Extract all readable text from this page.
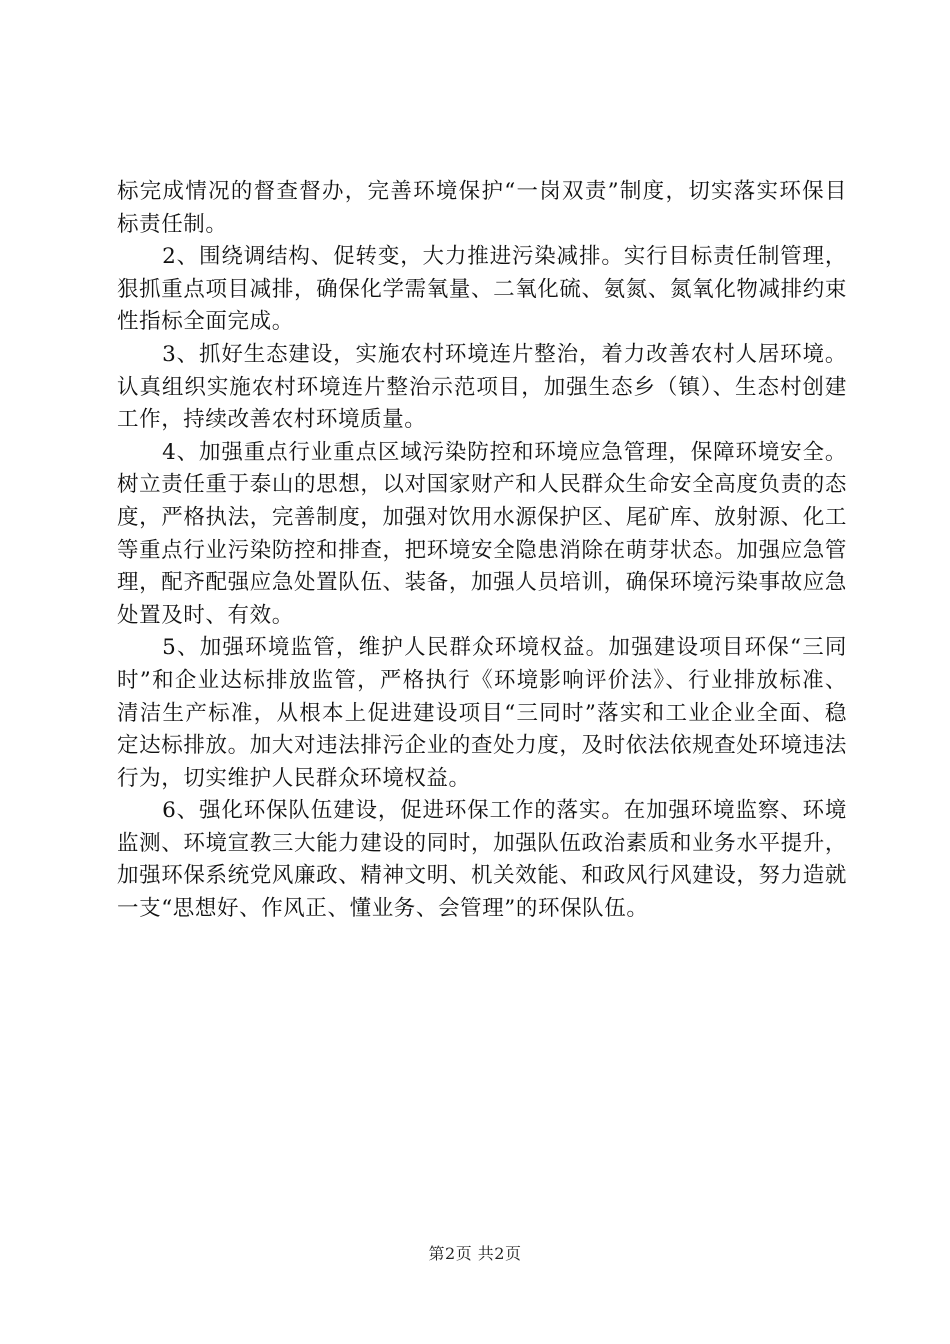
标完成情况的督查督办，完善环境保护“一岗双责”制度，切实落实环保目标责任制。

2、围绕调结构、促转变，大力推进污染减排。实行目标责任制管理，狠抓重点项目减排，确保化学需氧量、二氧化硫、氨氮、氮氧化物减排约束性指标全面完成。

3、抓好生态建设，实施农村环境连片整治，着力改善农村人居环境。认真组织实施农村环境连片整治示范项目，加强生态乡（镇）、生态村创建工作，持续改善农村环境质量。

4、加强重点行业重点区域污染防控和环境应急管理，保障环境安全。树立责任重于泰山的思想，以对国家财产和人民群众生命安全高度负责的态度，严格执法，完善制度，加强对饮用水源保护区、尾矿库、放射源、化工等重点行业污染防控和排查，把环境安全隐患消除在萌芽状态。加强应急管理，配齐配强应急处置队伍、装备，加强人员培训，确保环境污染事故应急处置及时、有效。

5、加强环境监管，维护人民群众环境权益。加强建设项目环保“三同时”和企业达标排放监管，严格执行《环境影响评价法》、行业排放标准、清洁生产标准，从根本上促进建设项目“三同时”落实和工业企业全面、稳定达标排放。加大对违法排污企业的查处力度，及时依法依规查处环境违法行为，切实维护人民群众环境权益。

6、强化环保队伍建设，促进环保工作的落实。在加强环境监察、环境监测、环境宣教三大能力建设的同时，加强队伍政治素质和业务水平提升，加强环保系统党风廉政、精神文明、机关效能、和政风行风建设，努力造就一支“思想好、作风正、懂业务、会管理”的环保队伍。

第2页 共2页
